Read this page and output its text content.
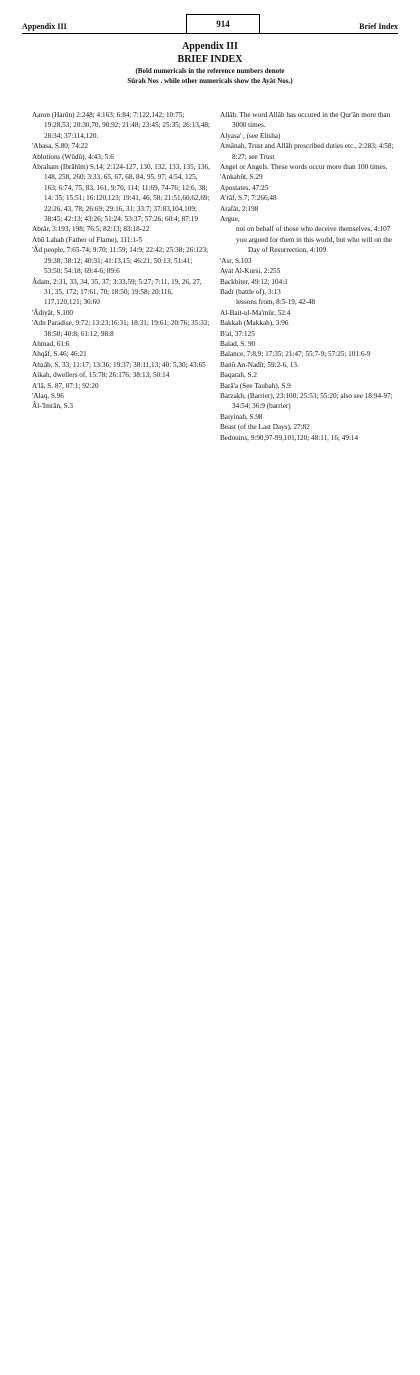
Appendix III	914	Brief Index
Appendix III
BRIEF INDEX
(Bold numericals in the reference numbers denote
Sûrah Nos . while other numericals show the Ayât Nos.)
Aaron (Harûn) 2:248; 4:163; 6:84; 7:122,142; 10:75; 19:28,53; 20:30,70, 90,92; 21:48; 23:45; 25:35; 26:13,48; 28:34; 37:114,120.
'Abasa, S.80; 74:22
Ablutions (Wûdû), 4:43; 5:6
Abraham (Ibrâhîm) S.14; 2:124-127, 130, 132, 133, 135, 136, 148, 258, 260; 3:33, 65, 67, 68, 84, 95, 97; 4:54, 125, 163; 6:74, 75, 83, 161, 9:70, 114; 11:69, 74-76; 12:6, 38; 14: 35; 15:51; 16:120,123; 19:41, 46, 58; 21:51,60,62,69; 22:26, 43, 78; 26:69; 29:16, 31; 33:7; 37:83,104,109; 38:45; 42:13; 43:26; 51:24; 53:37; 57:26; 60:4; 87:19
Abrâr, 3:193, 198; 76:5; 82:13; 83:18-22
Abû Lahab (Father of Flame), 111:1-5
'Âd people, 7:65-74; 9:70; 11:59; 14:9; 22:42; 25:38; 26:123; 29:38; 38:12; 40:31; 41:13,15; 46:21; 50:13; 51:41; 53:50; 54:18; 69:4-6; 89:6
Âdam, 2:31, 33, 34, 35, 37; 3:33,59; 5:27; 7:11, 19, 26, 27, 31, 35, 172; 17:61, 70; 18:50; 19:58; 20:116, 117,120,121; 36:60
'Âdiyât, S.100
'Adn Paradise, 9:72; 13:23;16:31; 18:31; 19:61; 20:76; 35:33; 38:50; 40:8; 61:12; 98:8
Ahmad, 61:6
Ahqâf, S.46; 46:21
Ahzâb, S. 33; 11:17; 13:36; 19:37; 38:11,13; 40: 5,30; 43:65
Aikah, dwellers of, 15:78; 26:176; 38:13; 50:14
A'lâ, S. 87, 87:1; 92:20
'Alaq, S.96
Âl-'Imrân, S.3
Allâh. The word Allâh has occured in the Qur'ân more than 3000 times.
Alyasa' , (see Elisha)
Amânah, Trust and Allâh prescribed duties etc., 2:283; 4:58; 8:27; see Trust
Angel or Angels. These words occur more than 100 times.
'Ankabût, S.29
Apostates, 47:25
A'râf, S.7; 7:266,48
Arafât, 2:198
Argue,
not on behalf of those who deceive themselves, 4:107
you argued for them in this world, but who will on the Day of Resurrection, 4:109
'Asr, S.103
Ayat Al-Kursi, 2:255
Backbiter, 49:12; 104:1
Badr (battle of), 3:13
lessons from, 8:5-19, 42-48
Al-Bait-ul-Ma'mûr, 52:4
Bakkah (Makkah), 3:96
B'al, 37:125
Balad, S. 90
Balance, 7:8,9; 17:35; 21:47; 55:7-9; 57:25; 101:6-9
Banû An-Nadîr, 59:2-6, 13.
Baqarah, S.2
Barâ'a (See Taubah), S.9
Barzakh, (Barrier), 23:100; 25:53; 55:20; also see 18:94-97; 34:54; 36:9 (barrier)
Baiyinah, S.98
Beast (of the Last Days), 27:82
Bedouins, 9:90,97-99,101,120; 48:11, 16; 49:14
